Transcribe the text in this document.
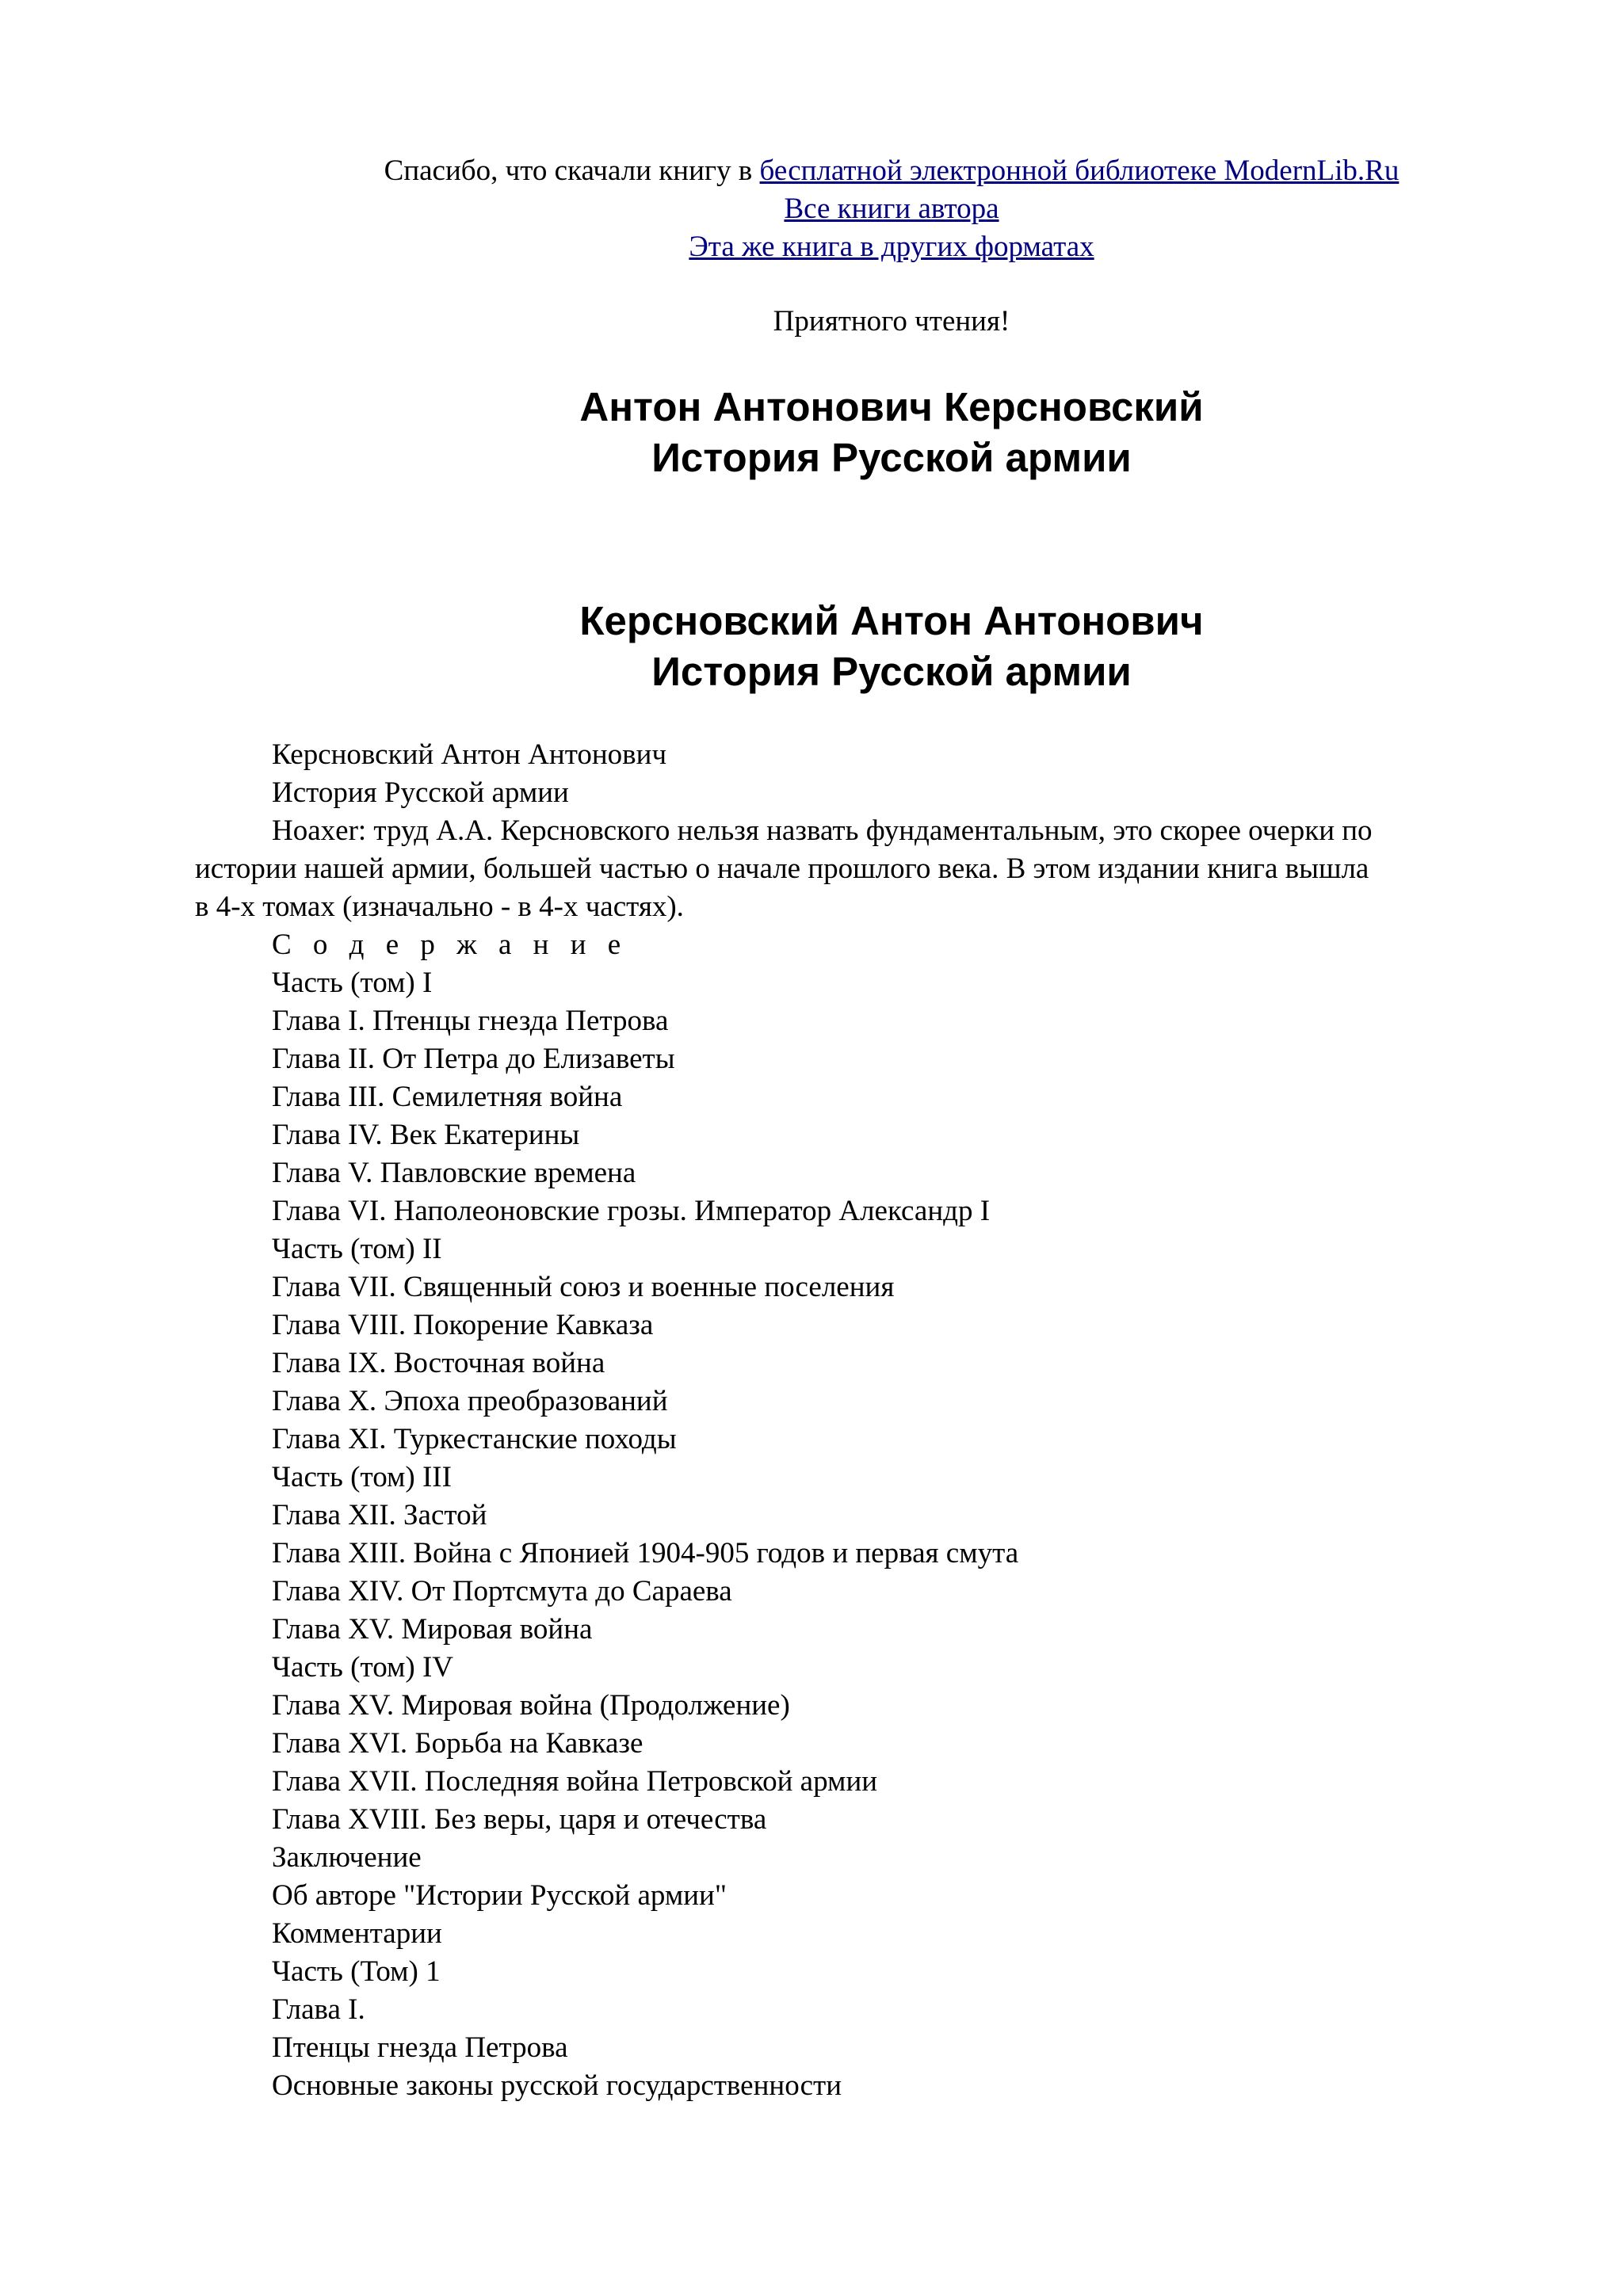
Спасибо, что скачали книгу в бесплатной электронной библиотеке ModernLib.Ru
Все книги автора
Эта же книга в других форматах
Приятного чтения!
Антон Антонович Керсновский
История Русской армии
Керсновский Антон Антонович
История Русской армии
Керсновский Антон Антонович
История Русской армии
Hoaxer: труд А.А. Керсновского нельзя назвать фундаментальным, это скорее очерки по
истории нашей армии, большей частью о начале прошлого века. В этом издании книга вышла
в 4-х томах (изначально - в 4-х частях).
С о д е р ж а н и е
Часть (том) I
Глава I. Птенцы гнезда Петрова
Глава II. От Петра до Елизаветы
Глава III. Семилетняя война
Глава IV. Век Екатерины
Глава V. Павловские времена
Глава VI. Наполеоновские грозы. Император Александр I
Часть (том) II
Глава VII. Священный союз и военные поселения
Глава VIII. Покорение Кавказа
Глава IX. Восточная война
Глава X. Эпоха преобразований
Глава XI. Туркестанские походы
Часть (том) III
Глава XII. Застой
Глава XIII. Война с Японией 1904-905 годов и первая смута
Глава XIV. От Портсмута до Сараева
Глава XV. Мировая война
Часть (том) IV
Глава XV. Мировая война (Продолжение)
Глава XVI. Борьба на Кавказе
Глава XVII. Последняя война Петровской армии
Глава XVIII. Без веры, царя и отечества
Заключение
Об авторе "Истории Русской армии"
Комментарии
Часть (Том) 1
Глава I.
Птенцы гнезда Петрова
Основные законы русской государственности
